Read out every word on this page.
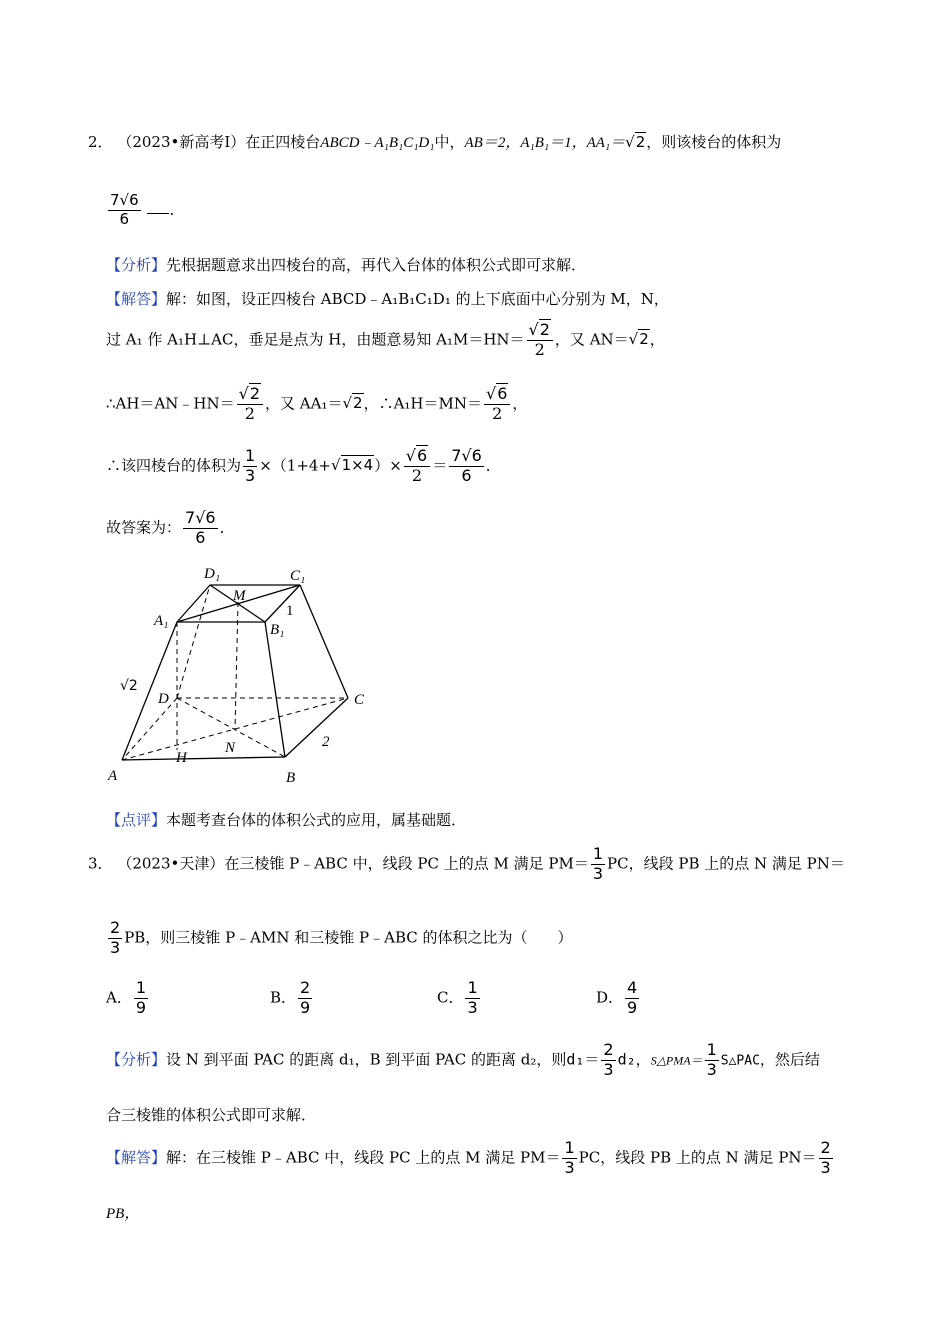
2． （2023•新高考Ⅰ）在正四棱台ABCD﹣A₁B₁C₁D₁中，AB＝2，A₁B₁＝1，AA₁＝√2，则该棱台的体积为
$\frac{7√6}{6}$ ．
【分析】先根据题意求出四棱台的高，再代入台体的体积公式即可求解．
【解答】解：如图，设正四棱台 ABCD﹣A₁B₁C₁D₁ 的上下底面中心分别为 M，N，
过 A₁ 作 A₁H⊥AC，垂足是点为 H，由题意易知 $A_1M=HN= \frac{√2}{2}$ ，又 AN＝√2，
∴AH＝AN﹣HN＝ $\frac{√2}{2}$ ，又 AA₁＝√2，∴A₁H＝MN＝ $\frac{√6}{2}$ ，
∴该四棱台的体积为 $\frac{1}{3} \times(1+4+√1\times 4)\times \frac{√6}{2} = \frac{7√6}{6}$ ．
故答案为： $\frac{7√6}{6}$ ．
D₁	C₁
M
1
A₁
B₁
√2
D	C
N	2
A
H
B
【点评】本题考查台体的体积公式的应用，属基础题．
3． （2023•天津）在三棱锥 P﹣ABC 中，线段 PC 上的点 M 满足 $PM= \frac{1}{3}$ PC，线段 PB 上的点 N 满足 PN＝
$\frac{2}{3}$ PB，则三棱锥 P﹣AMN 和三棱锥 P﹣ABC 的体积之比为（　　）
A． $\frac{1}{9}$	B． $\frac{2}{9}$	C． $\frac{1}{3}$	D． $\frac{4}{9}$
【分析】设 N 到平面 PAC 的距离 d₁，B 到平面 PAC 的距离 d₂，则$d_1= \frac{2}{3} d_2$，S△PMA＝ $\frac{1}{3}$ S△PAC，然后结
合三棱锥的体积公式即可求解．
【解答】解：在三棱锥 P﹣ABC 中，线段 PC 上的点 M 满足 $PM= \frac{1}{3}$ PC，线段 PB 上的点 N 满足 $PN= \frac{2}{3}$
PB，
